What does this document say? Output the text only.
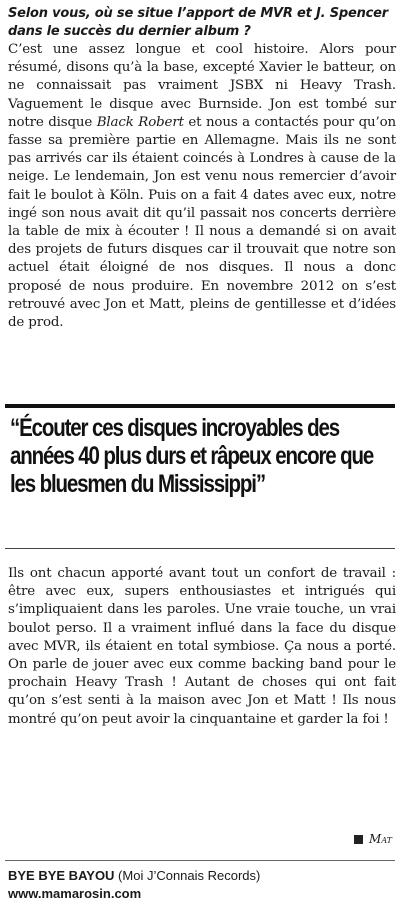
Selon vous, où se situe l’apport de MVR et J. Spencer dans le succès du dernier album ?

C’est une assez longue et cool histoire. Alors pour résumé, disons qu’à la base, excepté Xavier le batteur, on ne connaissait pas vraiment JSBX ni Heavy Trash. Vaguement le disque avec Burnside. Jon est tombé sur notre disque Black Robert et nous a contactés pour qu’on fasse sa première partie en Allemagne. Mais ils ne sont pas arrivés car ils étaient coincés à Londres à cause de la neige. Le lendemain, Jon est venu nous remercier d’avoir fait le boulot à Köln. Puis on a fait 4 dates avec eux, notre ingé son nous avait dit qu’il passait nos concerts derrière la table de mix à écouter ! Il nous a demandé si on avait des projets de futurs disques car il trouvait que notre son actuel était éloigné de nos disques. Il nous a donc proposé de nous produire. En novembre 2012 on s’est retrouvé avec Jon et Matt, pleins de gentillesse et d’idées de prod.

“Écouter ces disques incroyables des années 40 plus durs et râpeux encore que les bluesmen du Mississippi”

Ils ont chacun apporté avant tout un confort de travail : être avec eux, supers enthousiastes et intrigués qui s’impliquaient dans les paroles. Une vraie touche, un vrai boulot perso. Il a vraiment influé dans la face du disque avec MVR, ils étaient en total symbiose. Ça nous a porté. On parle de jouer avec eux comme backing band pour le prochain Heavy Trash ! Autant de choses qui ont fait qu’on s’est senti à la maison avec Jon et Matt ! Ils nous montré qu’on peut avoir la cinquantaine et garder la foi !

Mat
BYE BYE BAYOU (Moi J’Connais Records)
www.mamarosin.com
